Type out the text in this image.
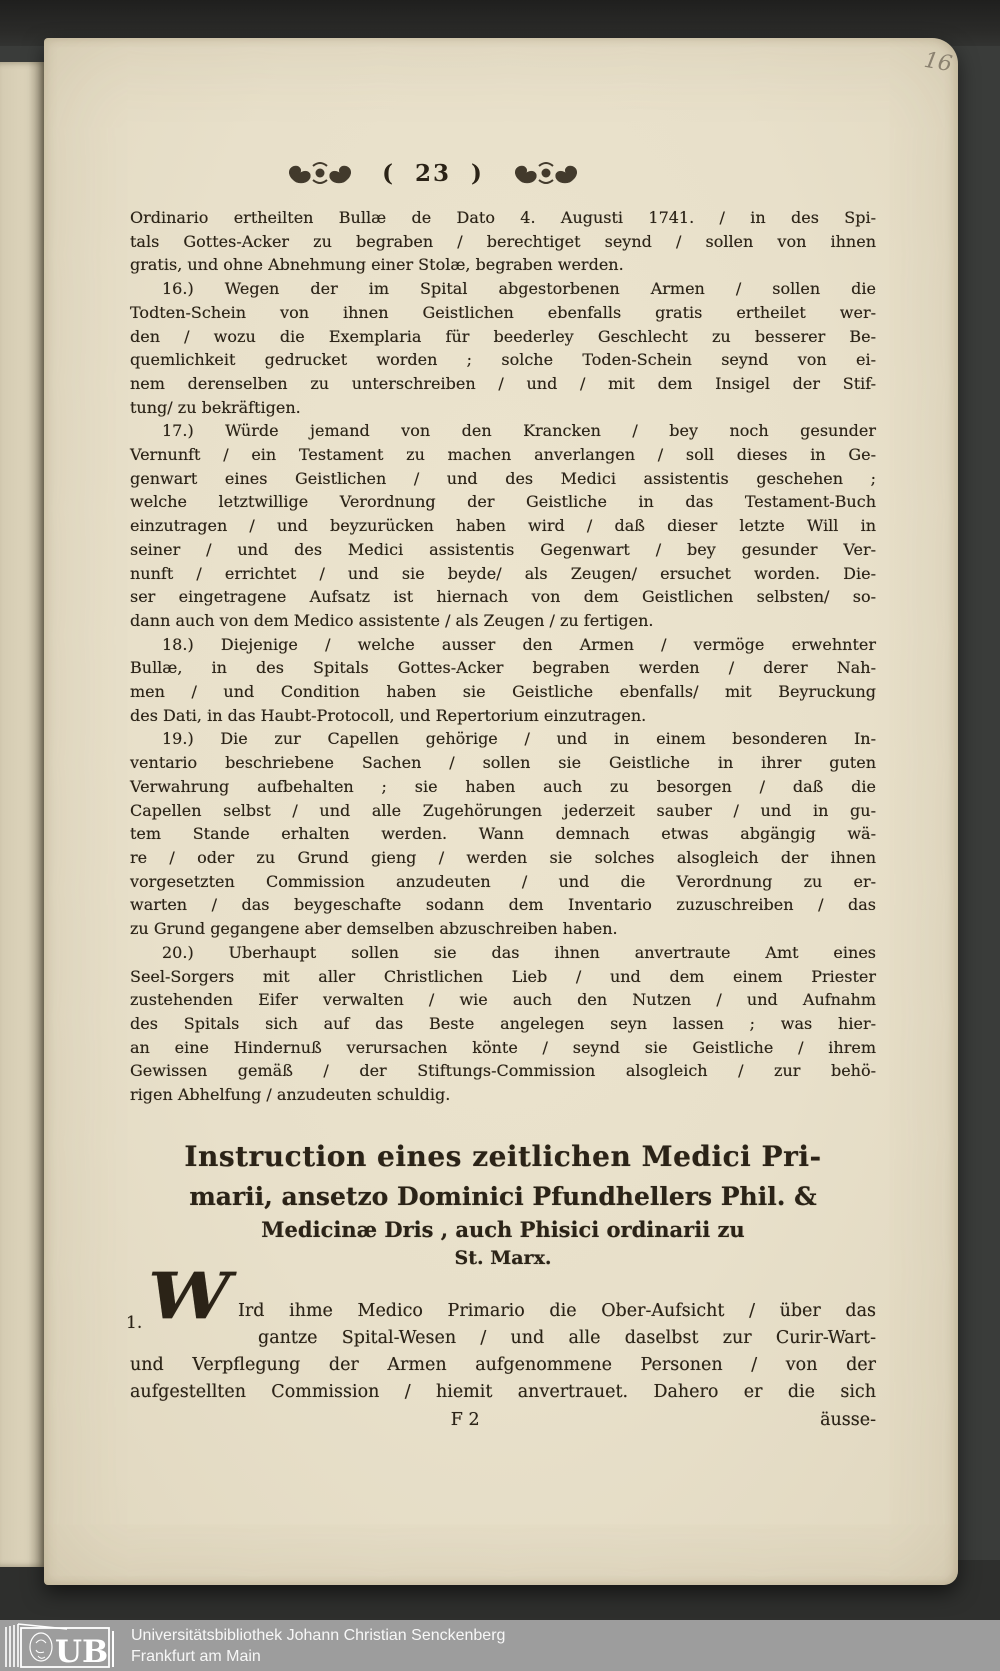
16
(  23  )
Ordinario ertheilten Bullæ de Dato 4. Augusti 1741. / in des Spi-
tals Gottes-Acker zu begraben / berechtiget seynd / sollen von ihnen
gratis, und ohne Abnehmung einer Stolæ, begraben werden.
16.) Wegen der im Spital abgestorbenen Armen / sollen die
Todten-Schein von ihnen Geistlichen ebenfalls gratis ertheilet wer-
den / wozu die Exemplaria für beederley Geschlecht zu besserer Be-
quemlichkeit gedrucket worden ; solche Toden-Schein seynd von ei-
nem derenselben zu unterschreiben / und / mit dem Insigel der Stif-
tung/ zu bekräftigen.
17.) Würde jemand von den Krancken / bey noch gesunder
Vernunft / ein Testament zu machen anverlangen / soll dieses in Ge-
genwart eines Geistlichen / und des Medici assistentis geschehen ;
welche letztwillige Verordnung der Geistliche in das Testament-Buch
einzutragen / und beyzurücken haben wird / daß dieser letzte Will in
seiner / und des Medici assistentis Gegenwart / bey gesunder Ver-
nunft / errichtet / und sie beyde/ als Zeugen/ ersuchet worden. Die-
ser eingetragene Aufsatz ist hiernach von dem Geistlichen selbsten/ so-
dann auch von dem Medico assistente / als Zeugen / zu fertigen.
18.) Diejenige / welche ausser den Armen / vermöge erwehnter
Bullæ, in des Spitals Gottes-Acker begraben werden / derer Nah-
men / und Condition haben sie Geistliche ebenfalls/ mit Beyruckung
des Dati, in das Haubt-Protocoll, und Repertorium einzutragen.
19.) Die zur Capellen gehörige / und in einem besonderen In-
ventario beschriebene Sachen / sollen sie Geistliche in ihrer guten
Verwahrung aufbehalten ; sie haben auch zu besorgen / daß die
Capellen selbst / und alle Zugehörungen jederzeit sauber / und in gu-
tem Stande erhalten werden. Wann demnach etwas abgängig wä-
re / oder zu Grund gieng / werden sie solches alsogleich der ihnen
vorgesetzten Commission anzudeuten / und die Verordnung zu er-
warten / das beygeschafte sodann dem Inventario zuzuschreiben / das
zu Grund gegangene aber demselben abzuschreiben haben.
20.) Uberhaupt sollen sie das ihnen anvertraute Amt eines
Seel-Sorgers mit aller Christlichen Lieb / und dem einem Priester
zustehenden Eifer verwalten / wie auch den Nutzen / und Aufnahm
des Spitals sich auf das Beste angelegen seyn lassen ; was hier-
an eine Hindernuß verursachen könte / seynd sie Geistliche / ihrem
Gewissen gemäß / der Stiftungs-Commission alsogleich / zur behö-
rigen Abhelfung / anzudeuten schuldig.
Instruction eines zeitlichen Medici Pri-
marii, ansetzo Dominici Pfundhellers Phil. &
Medicinæ Dris , auch Phisici ordinarii zu
St. Marx.
1. W Ird ihme Medico Primario die Ober-Aufsicht / über das
gantze Spital-Wesen / und alle daselbst zur Curir-Wart-
und Verpflegung der Armen aufgenommene Personen / von der
aufgestellten Commission / hiemit anvertrauet. Dahero er die sich
F 2	äusse-
UB Universitätsbibliothek Johann Christian Senckenberg
Frankfurt am Main
